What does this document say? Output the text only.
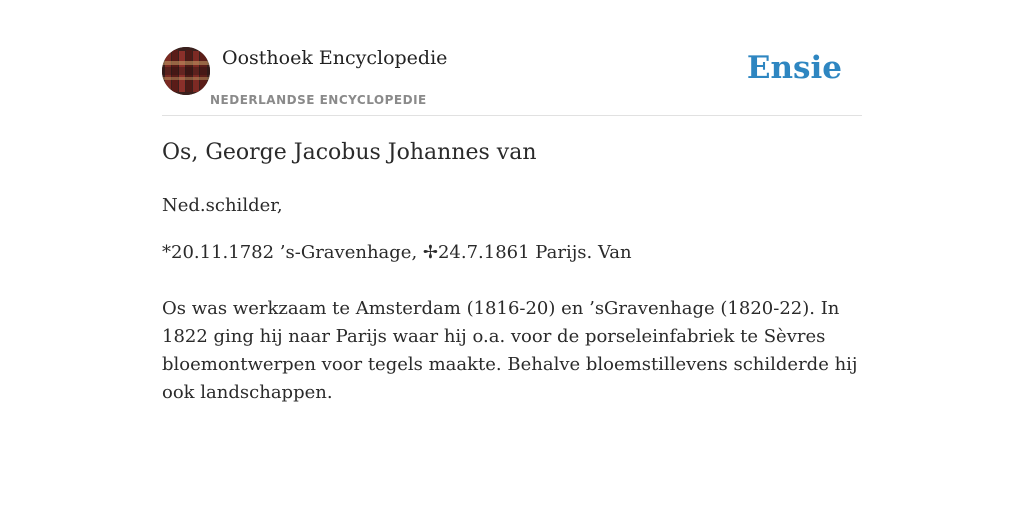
Oosthoek Encyclopedie
NEDERLANDSE ENCYCLOPEDIE
Ensie
Os, George Jacobus Johannes van

Ned.schilder,

*20.11.1782 ’s-Gravenhage, ✢24.7.1861 Parijs. Van

Os was werkzaam te Amsterdam (1816-20) en ’sGravenhage (1820-22). In 1822 ging hij naar Parijs waar hij o.a. voor de porseleinfabriek te Sèvres bloemontwerpen voor tegels maakte. Behalve bloemstillevens schilderde hij ook landschappen.
